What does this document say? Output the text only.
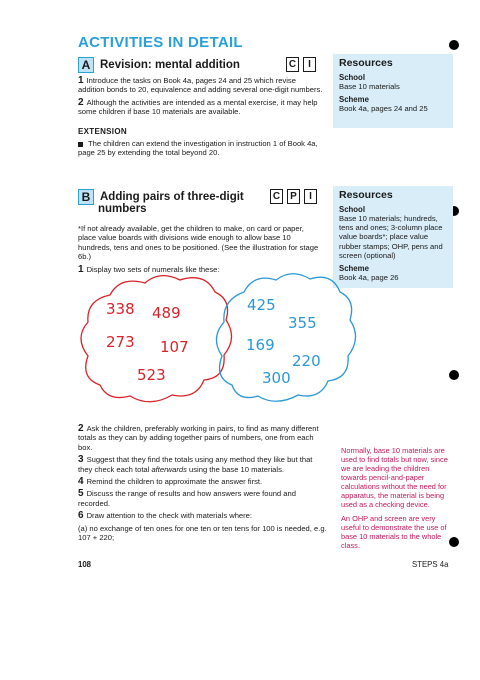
ACTIVITIES IN DETAIL
A Revision: mental addition	C	I

1 Introduce the tasks on Book 4a, pages 24 and 25 which revise addition bonds to 20, equivalence and adding several one-digit numbers.

2 Although the activities are intended as a mental exercise, it may help some children if base 10 materials are available.

EXTENSION

The children can extend the investigation in instruction 1 of Book 4a, page 25 by extending the total beyond 20.

Resources
School
Base 10 materials
Scheme
Book 4a, pages 24 and 25
B Adding pairs of three-digit
numbers
C	P	I

*If not already available, get the children to make, on card or paper, place value boards with divisions wide enough to allow base 10 hundreds, tens and ones to be positioned. (See the illustration for stage 6b.)

1 Display two sets of numerals like these:

Resources
School
Base 10 materials; hundreds, tens and ones; 3-column place value boards*; place value rubber stamps; OHP, pens and screen (optional)
Scheme
Book 4a, page 26
338 489
273 107
523
425
355
169
220
300

2 Ask the children, preferably working in pairs, to find as many different totals as they can by adding together pairs of numbers, one from each box.

3 Suggest that they find the totals using any method they like but that they check each total afterwards using the base 10 materials.

4 Remind the children to approximate the answer first.

5 Discuss the range of results and how answers were found and recorded.

6 Draw attention to the check with materials where:

(a) no exchange of ten ones for one ten or ten tens for 100 is needed, e.g. 107 + 220;

Normally, base 10 materials are used to find totals but now, since we are leading the children towards pencil-and-paper calculations without the need for apparatus, the material is being used as a checking device.

An OHP and screen are very useful to demonstrate the use of base 10 materials to the whole class.

108	STEPS 4a
